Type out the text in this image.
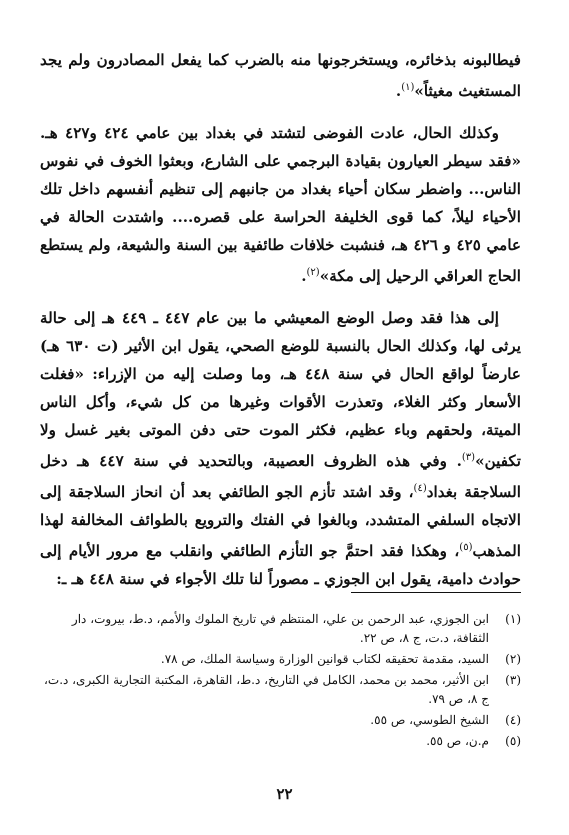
فيطالبونه بذخائره، ويستخرجونها منه بالضرب كما يفعل المصادرون ولم يجد المستغيث مغيثاً»$^{(١)}$.

وكذلك الحال، عادت الفوضى لتشتد في بغداد بين عامي ٤٢٤ و٤٢٧ هـ. «فقد سيطر العيارون بقيادة البرجمي على الشارع، وبعثوا الخوف في نفوس الناس... واضطر سكان أحياء بغداد من جانبهم إلى تنظيم أنفسهم داخل تلك الأحياء ليلاً، كما قوى الخليفة الحراسة على قصره.... واشتدت الحالة في عامي ٤٢٥ و ٤٢٦ هـ، فنشبت خلافات طائفية بين السنة والشيعة، ولم يستطع الحاج العراقي الرحيل إلى مكة»$^{(٢)}$.

إلى هذا فقد وصل الوضع المعيشي ما بين عام ٤٤٧ ـ ٤٤٩ هـ إلى حالة يرثى لها، وكذلك الحال بالنسبة للوضع الصحي، يقول ابن الأثير (ت ٦٣٠ هـ) عارضاً لواقع الحال في سنة ٤٤٨ هـ، وما وصلت إليه من الإزراء: «فغلت الأسعار وكثر الغلاء، وتعذرت الأقوات وغيرها من كل شيء، وأكل الناس الميتة، ولحقهم وباء عظيم، فكثر الموت حتى دفن الموتى بغير غسل ولا تكفين»$^{(٣)}$. وفي هذه الظروف العصيبة، وبالتحديد في سنة ٤٤٧ هـ دخل السلاجقة بغداد$^{(٤)}$، وقد اشتد تأزم الجو الطائفي بعد أن انحاز السلاجقة إلى الاتجاه السلفي المتشدد، وبالغوا في الفتك والترويع بالطوائف المخالفة لهذا المذهب$^{(٥)}$، وهكذا فقد احتمَّ جو التأزم الطائفي وانقلب مع مرور الأيام إلى حوادث دامية، يقول ابن الجوزي ـ مصوراً لنا تلك الأجواء في سنة ٤٤٨ هـ ـ:

(١)
ابن الجوزي، عبد الرحمن بن علي، المنتظم في تاريخ الملوك والأمم، د.ط، بيروت، دار الثقافة، د.ت، ج ٨، ص ٢٢.
(٢)
السيد، مقدمة تحقيقه لكتاب قوانين الوزارة وسياسة الملك، ص ٧٨.
(٣)
ابن الأثير، محمد بن محمد، الكامل في التاريخ، د.ط، القاهرة، المكتبة التجارية الكبرى، د.ت، ج ٨، ص ٧٩.
(٤)
الشيخ الطوسي، ص ٥٥.
(٥)
م.ن، ص ٥٥.
٢٢
